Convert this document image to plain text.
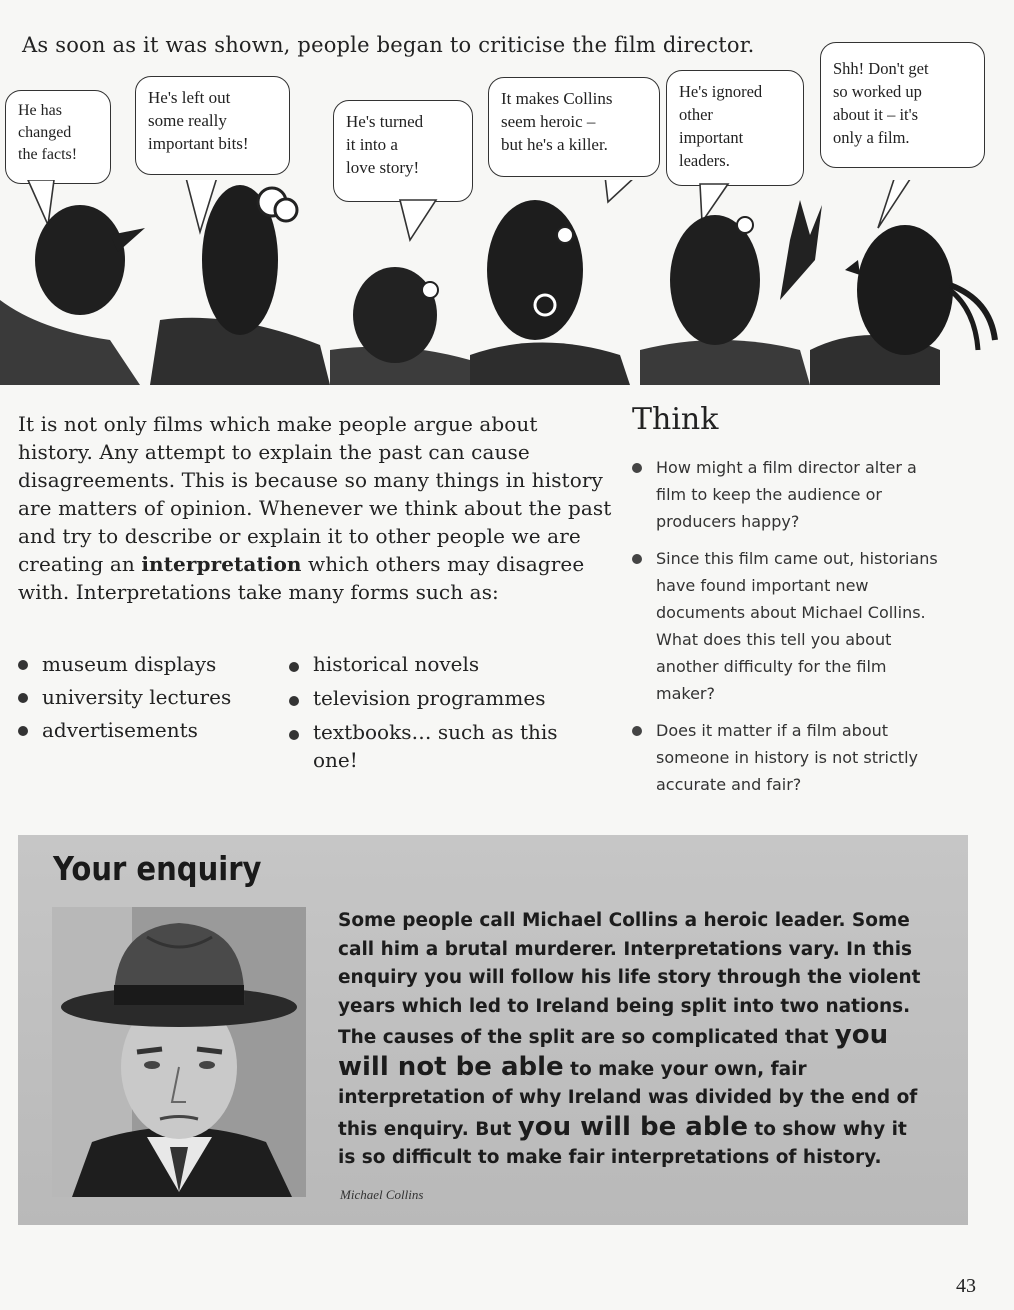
As soon as it was shown, people began to criticise the film director.
He has
changed
the facts!
He's left out
some really
important bits!
He's turned
it into a
love story!
It makes Collins
seem heroic –
but he's a killer.
He's ignored
other
important
leaders.
Shh! Don't get
so worked up
about it – it's
only a film.
It is not only films which make people argue about history. Any attempt to explain the past can cause disagreements. This is because so many things in history are matters of opinion. Whenever we think about the past and try to describe or explain it to other people we are creating an interpretation which others may disagree with. Interpretations take many forms such as:
museum displays
university lectures
advertisements
historical novels
television programmes
textbooks… such as this one!
Think
How might a film director alter a film to keep the audience or producers happy?
Since this film came out, historians have found important new documents about Michael Collins. What does this tell you about another difficulty for the film maker?
Does it matter if a film about someone in history is not strictly accurate and fair?
Your enquiry
Some people call Michael Collins a heroic leader. Some call him a brutal murderer. Interpretations vary. In this enquiry you will follow his life story through the violent years which led to Ireland being split into two nations. The causes of the split are so complicated that you will not be able to make your own, fair interpretation of why Ireland was divided by the end of this enquiry. But you will be able to show why it is so difficult to make fair interpretations of history.
Michael Collins
43
